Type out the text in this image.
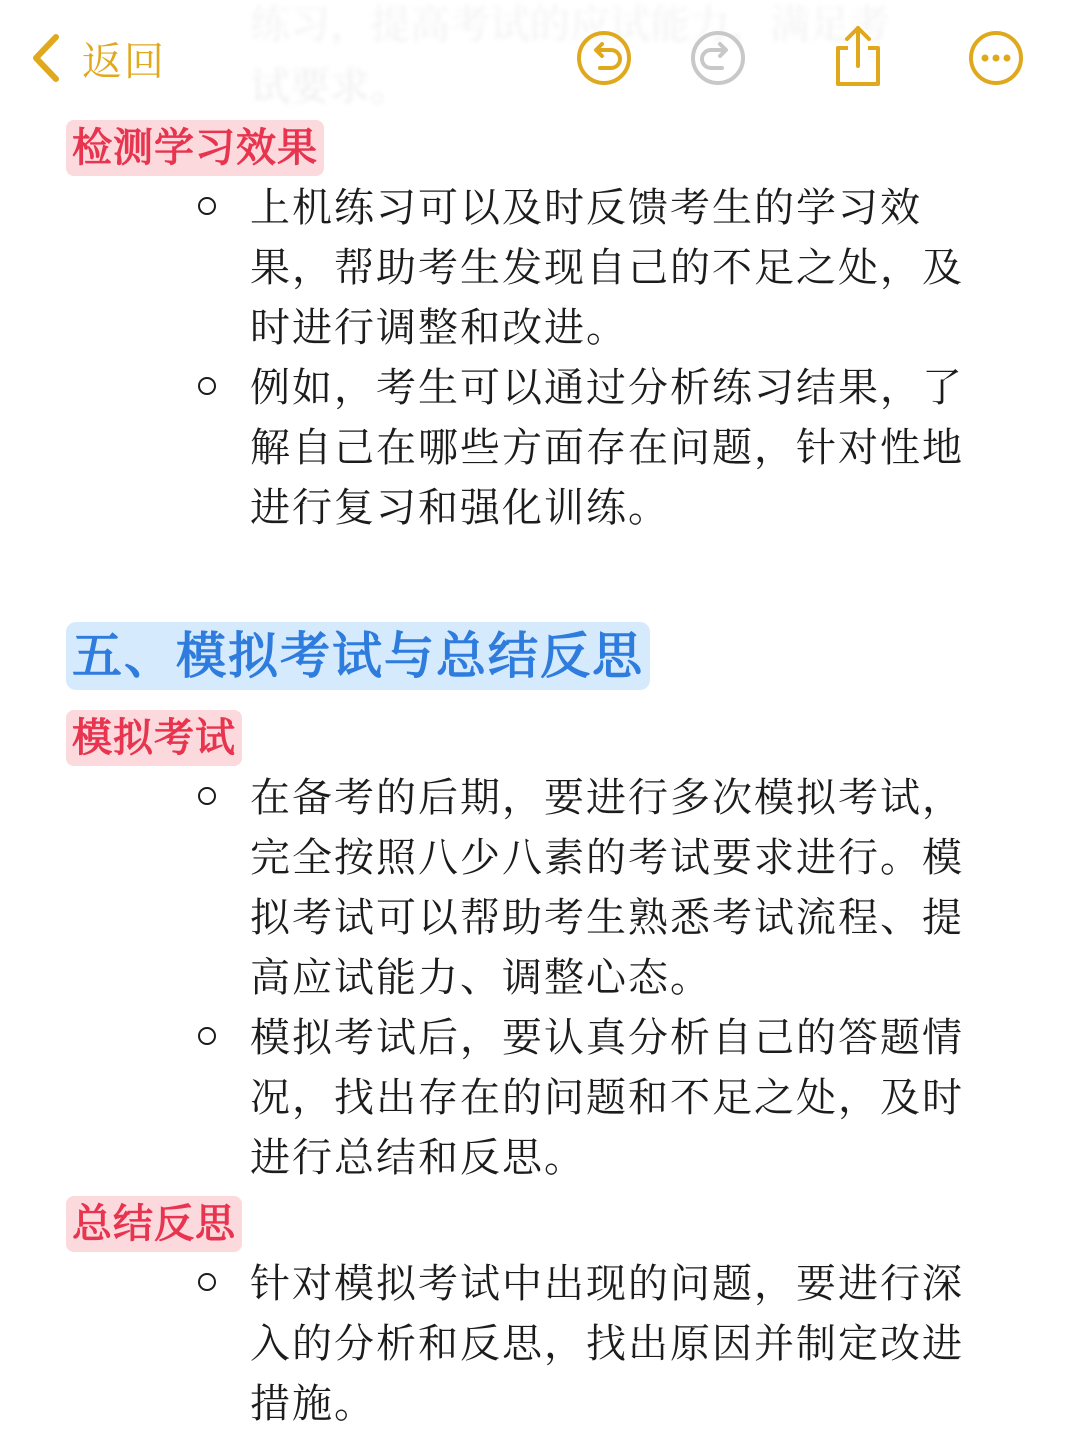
检测学习效果
上机练习可以及时反馈考生的学习效果，帮助考生发现自己的不足之处，及时进行调整和改进。
例如，考生可以通过分析练习结果，了解自己在哪些方面存在问题，针对性地进行复习和强化训练。
五、模拟考试与总结反思
模拟考试
在备考的后期，要进行多次模拟考试，完全按照八少八素的考试要求进行。模拟考试可以帮助考生熟悉考试流程、提高应试能力、调整心态。
模拟考试后，要认真分析自己的答题情况，找出存在的问题和不足之处，及时进行总结和反思。
总结反思
针对模拟考试中出现的问题，要进行深入的分析和反思，找出原因并制定改进措施。
返回
